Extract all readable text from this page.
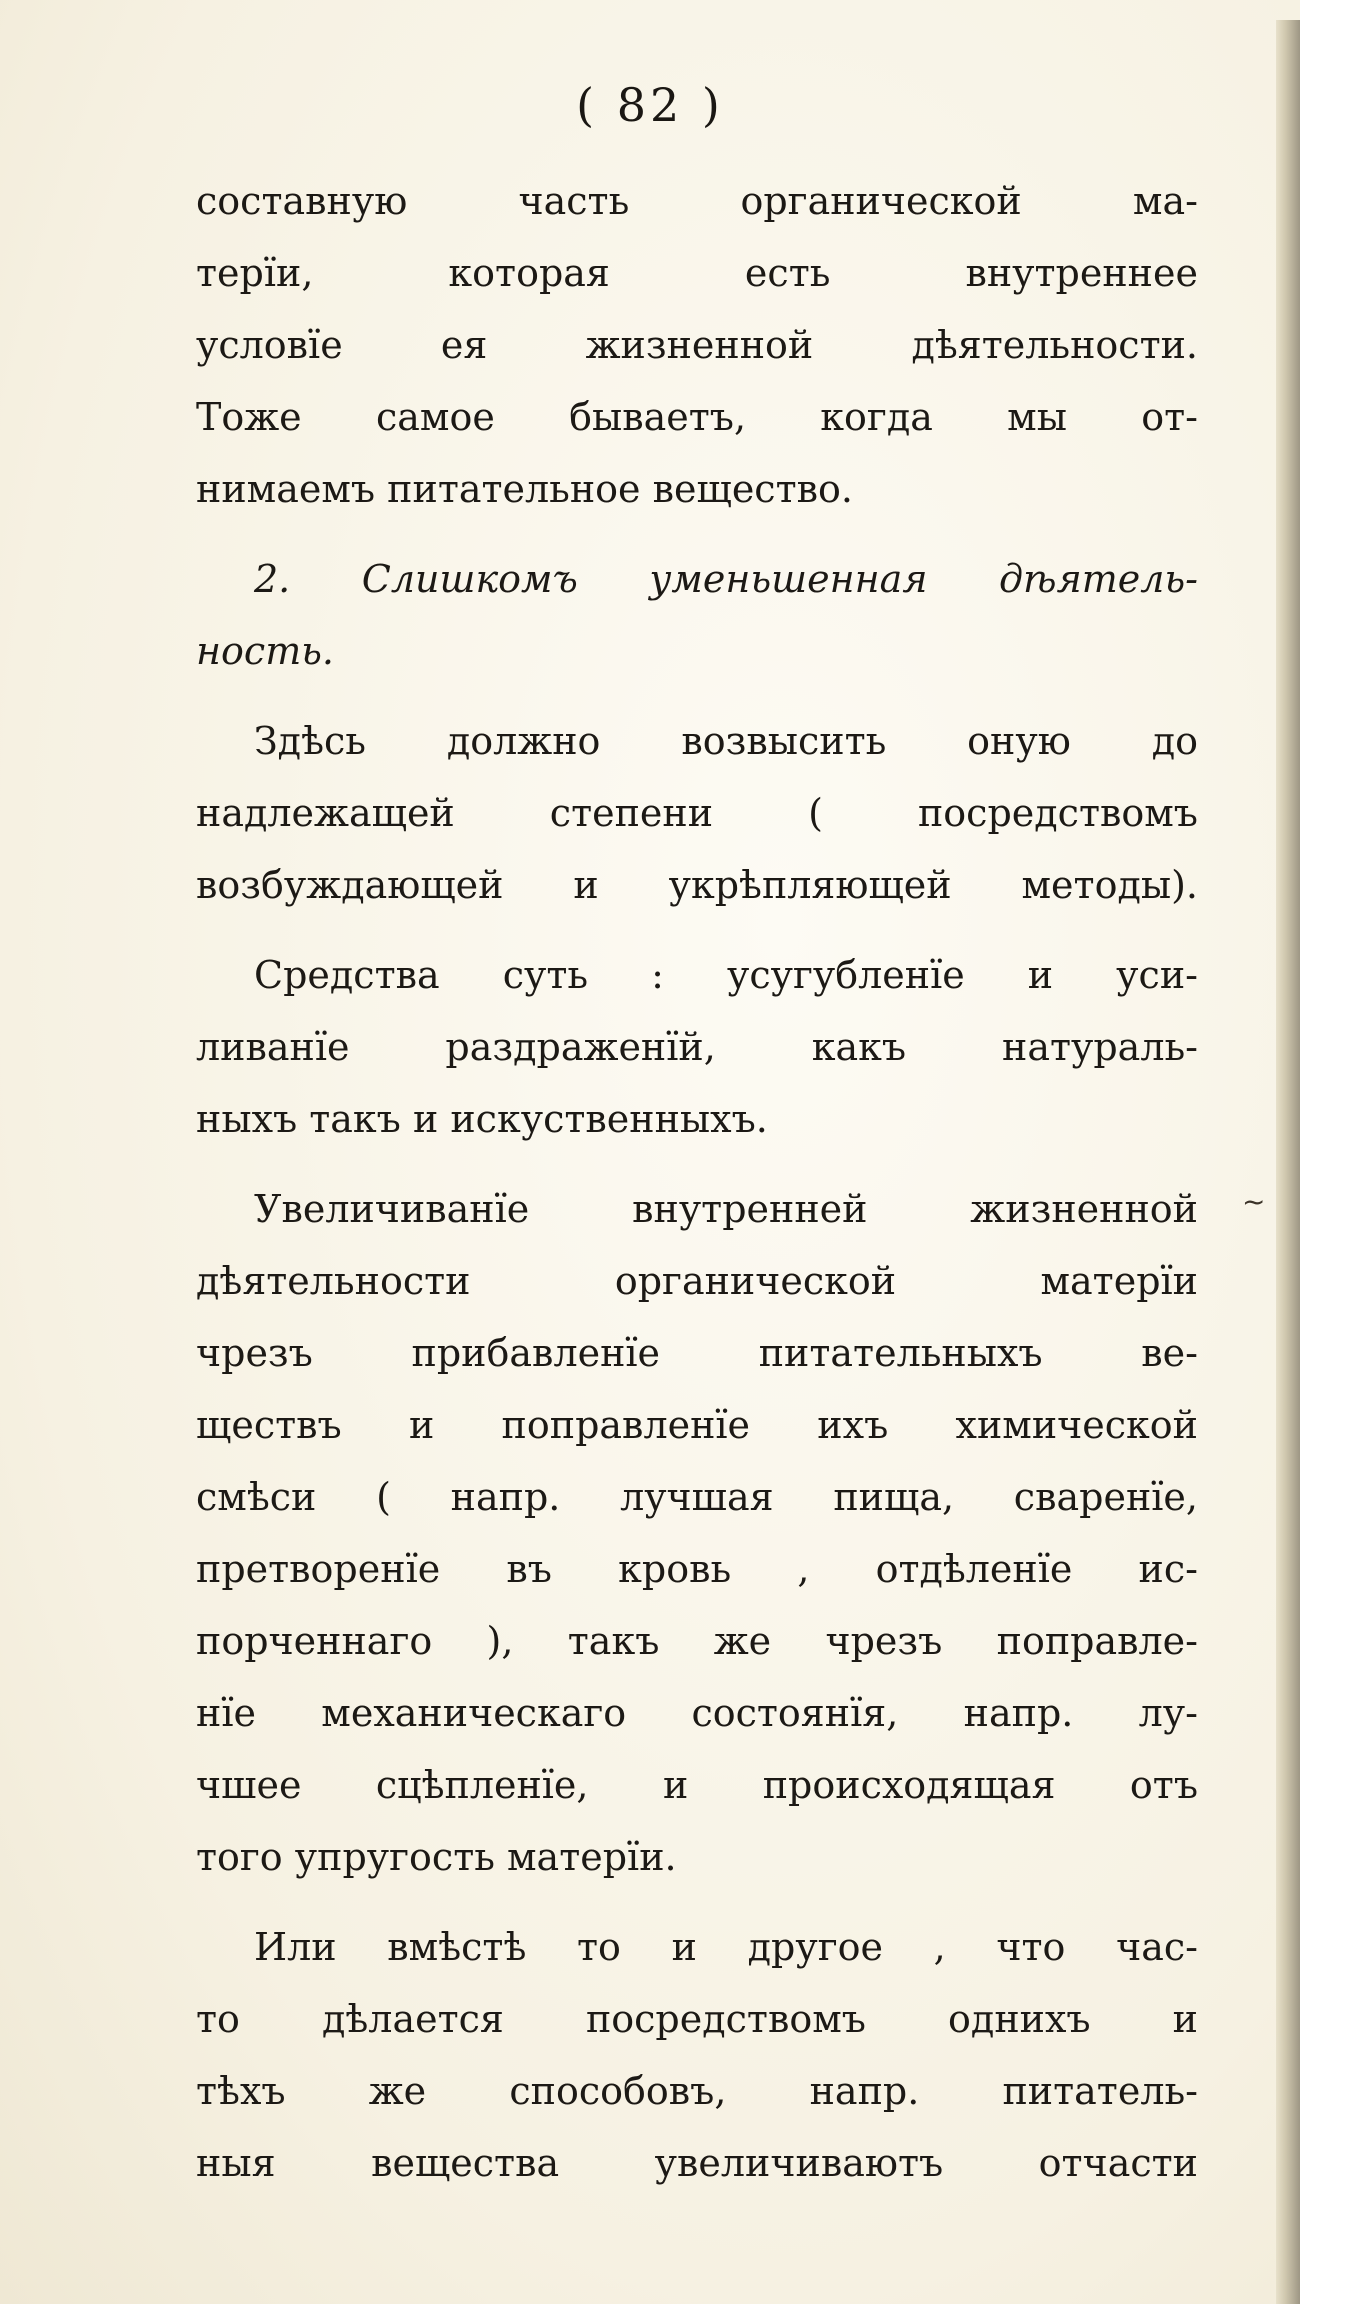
~
( 82 )
составную часть органической ма-
терїи, которая есть внутреннее
условїе ея жизненной дѣятельности.
Тоже самое бываетъ, когда мы от-
нимаемъ питательное вещество.
2. Слишкомъ уменьшенная дѣятель-
ность.
Здѣсь должно возвысить оную до
надлежащей степени ( посредствомъ
возбуждающей и укрѣпляющей методы).
Средства суть : усугубленїе и уси-
ливанїе раздраженїй, какъ натураль-
ныхъ такъ и искуственныхъ.
Увеличиванїе внутренней жизненной
дѣятельности органической матерїи
чрезъ прибавленїе питательныхъ ве-
ществъ и поправленїе ихъ химической
смѣси ( напр. лучшая пища, сваренїе,
претворенїе въ кровь , отдѣленїе ис-
порченнаго ), такъ же чрезъ поправле-
нїе механическаго состоянїя, напр. лу-
чшее сцѣпленїе, и происходящая отъ
того упругость матерїи.
Или вмѣстѣ то и другое , что час-
то дѣлается посредствомъ однихъ и
тѣхъ же способовъ, напр. питатель-
ныя вещества увеличиваютъ отчасти
